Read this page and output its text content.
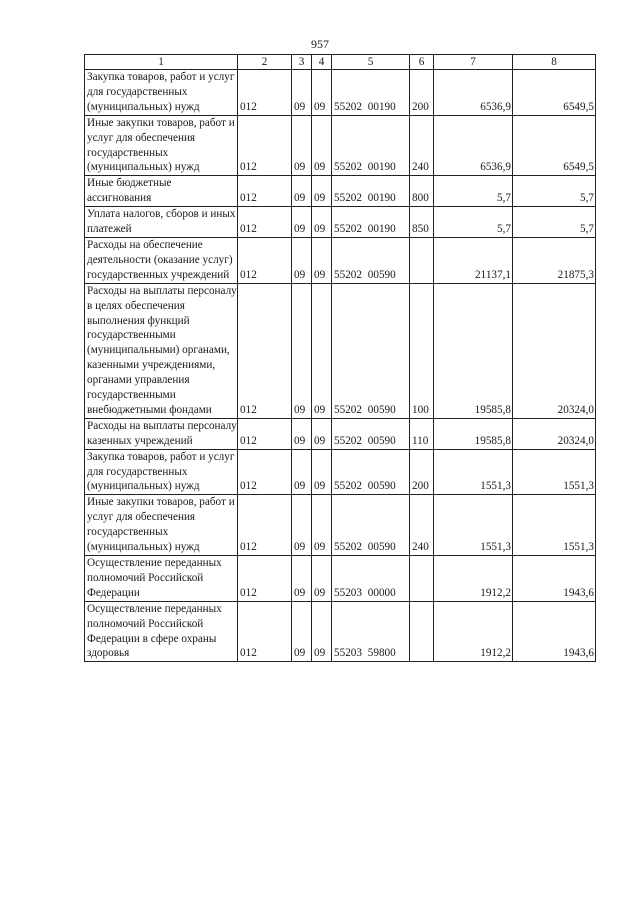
957
1	2	3	4	5	6	7	8
Закупка товаров, работ и услуг для государственных (муниципальных) нужд	012	09	09	55202 00190	200	6536,9	6549,5
Иные закупки товаров, работ и услуг для обеспечения государственных (муниципальных) нужд	012	09	09	55202 00190	240	6536,9	6549,5
Иные бюджетные ассигнования	012	09	09	55202 00190	800	5,7	5,7
Уплата налогов, сборов и иных платежей	012	09	09	55202 00190	850	5,7	5,7
Расходы на обеспечение деятельности (оказание услуг) государственных учреждений	012	09	09	55202 00590		21137,1	21875,3
Расходы на выплаты персоналу в целях обеспечения выполнения функций государственными (муниципальными) органами, казенными учреждениями, органами управления государственными внебюджетными фондами	012	09	09	55202 00590	100	19585,8	20324,0
Расходы на выплаты персоналу казенных учреждений	012	09	09	55202 00590	110	19585,8	20324,0
Закупка товаров, работ и услуг для государственных (муниципальных) нужд	012	09	09	55202 00590	200	1551,3	1551,3
Иные закупки товаров, работ и услуг для обеспечения государственных (муниципальных) нужд	012	09	09	55202 00590	240	1551,3	1551,3
Осуществление переданных полномочий Российской Федерации	012	09	09	55203 00000		1912,2	1943,6
Осуществление переданных полномочий Российской Федерации в сфере охраны здоровья	012	09	09	55203 59800		1912,2	1943,6
